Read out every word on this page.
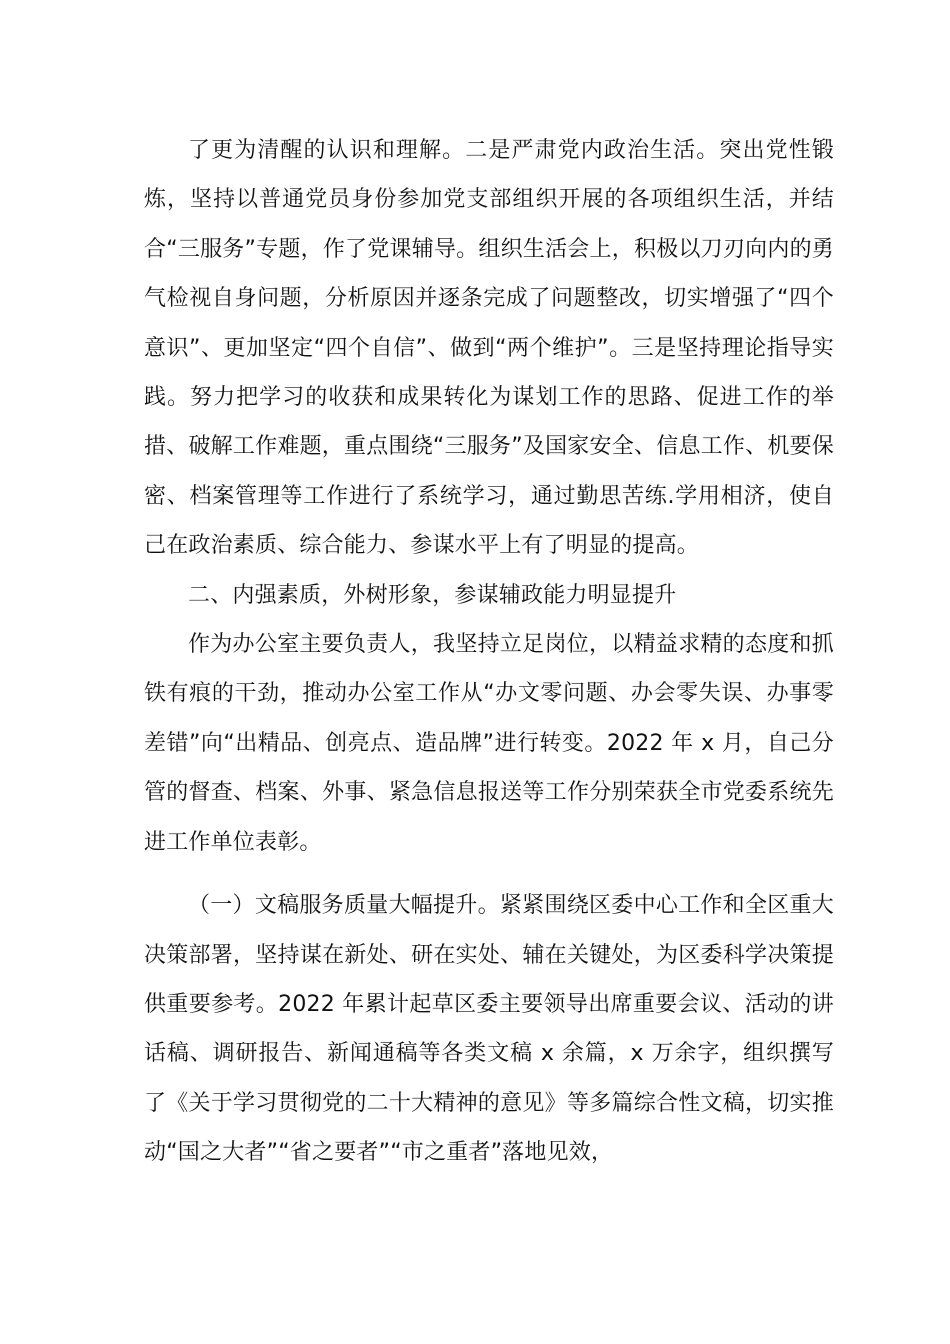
了更为清醒的认识和理解。二是严肃党内政治生活。突出党性锻炼，坚持以普通党员身份参加党支部组织开展的各项组织生活，并结合“三服务”专题，作了党课辅导。组织生活会上，积极以刀刃向内的勇气检视自身问题，分析原因并逐条完成了问题整改，切实增强了“四个意识”、更加坚定“四个自信”、做到“两个维护”。三是坚持理论指导实践。努力把学习的收获和成果转化为谋划工作的思路、促进工作的举措、破解工作难题，重点围绕“三服务”及国家安全、信息工作、机要保密、档案管理等工作进行了系统学习，通过勤思苦练.学用相济，使自己在政治素质、综合能力、参谋水平上有了明显的提高。

二、内强素质，外树形象，参谋辅政能力明显提升

作为办公室主要负责人，我坚持立足岗位，以精益求精的态度和抓铁有痕的干劲，推动办公室工作从“办文零问题、办会零失误、办事零差错”向“出精品、创亮点、造品牌”进行转变。2022 年 x 月，自己分管的督查、档案、外事、紧急信息报送等工作分别荣获全市党委系统先进工作单位表彰。

（一）文稿服务质量大幅提升。紧紧围绕区委中心工作和全区重大决策部署，坚持谋在新处、研在实处、辅在关键处，为区委科学决策提供重要参考。2022 年累计起草区委主要领导出席重要会议、活动的讲话稿、调研报告、新闻通稿等各类文稿 x 余篇，x 万余字，组织撰写了《关于学习贯彻党的二十大精神的意见》等多篇综合性文稿，切实推动“国之大者”“省之要者”“市之重者”落地见效，
